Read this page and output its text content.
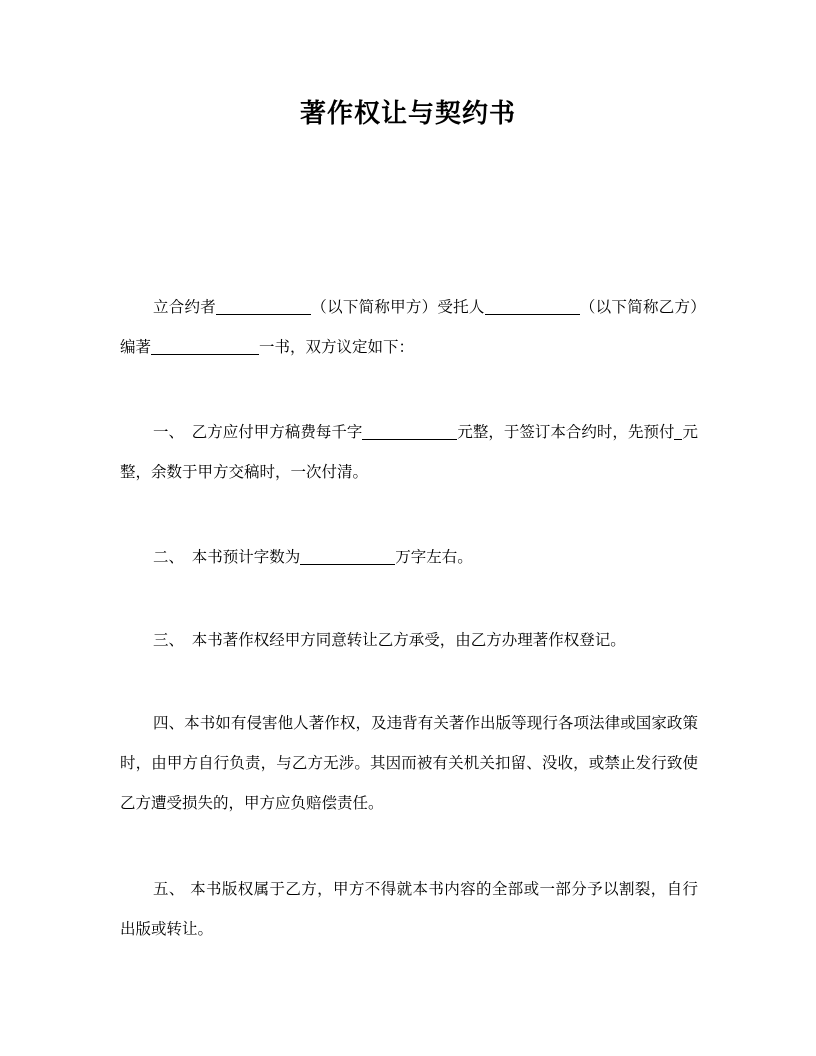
著作权让与契约书

立合约者	（以下简称甲方）受托人	（以下简称乙方）编著	一书，双方议定如下：

一、　乙方应付甲方稿费每千字	元整，于签订本合约时，先预付 元整，余数于甲方交稿时，一次付清。

二、　本书预计字数为	万字左右。

三、　本书著作权经甲方同意转让乙方承受，由乙方办理著作权登记。

四、本书如有侵害他人著作权，及违背有关著作出版等现行各项法律或国家政策时，由甲方自行负责，与乙方无涉。其因而被有关机关扣留、没收，或禁止发行致使乙方遭受损失的，甲方应负赔偿责任。

五、 本书版权属于乙方，甲方不得就本书内容的全部或一部分予以割裂，自行出版或转让。
